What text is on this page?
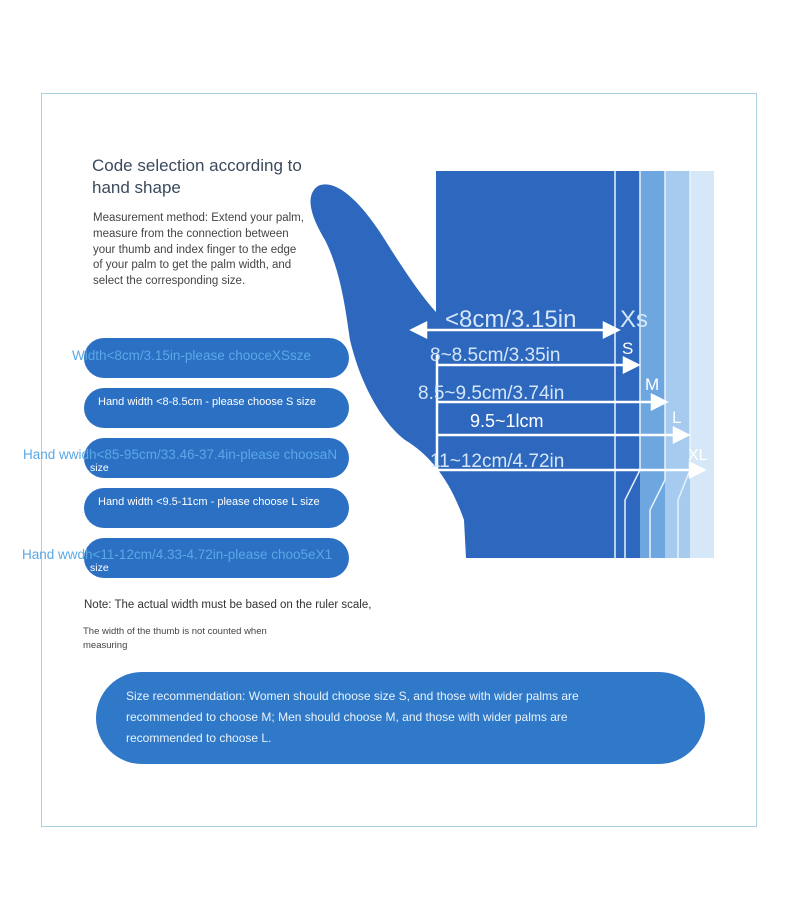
Code selection according to hand shape

Measurement method: Extend your palm, measure from the connection between your thumb and index finger to the edge of your palm to get the palm width, and select the corresponding size.

<8cm/3.15in Xs
8~8.5cm/3.35in	S
8.5~9.5cm/3.74in	M
9.5~1lcm	L
11~12cm/4.72in	XL
Hand width <8-8.5cm - please choose S size
Hand width <9.5-11cm - please choose L size
size
size
Width<8cm/3.15in-please chooceXSsze
Hand wwidh<85-95cm/33.46-37.4in-please choosaN
Hand wwdh<11-12cm/4.33-4.72in-please choo5eX1
Note: The actual width must be based on the ruler scale,
The width of the thumb is not counted when measuring
Size recommendation: Women should choose size S, and those with wider palms are recommended to choose M; Men should choose M, and those with wider palms are recommended to choose L.
